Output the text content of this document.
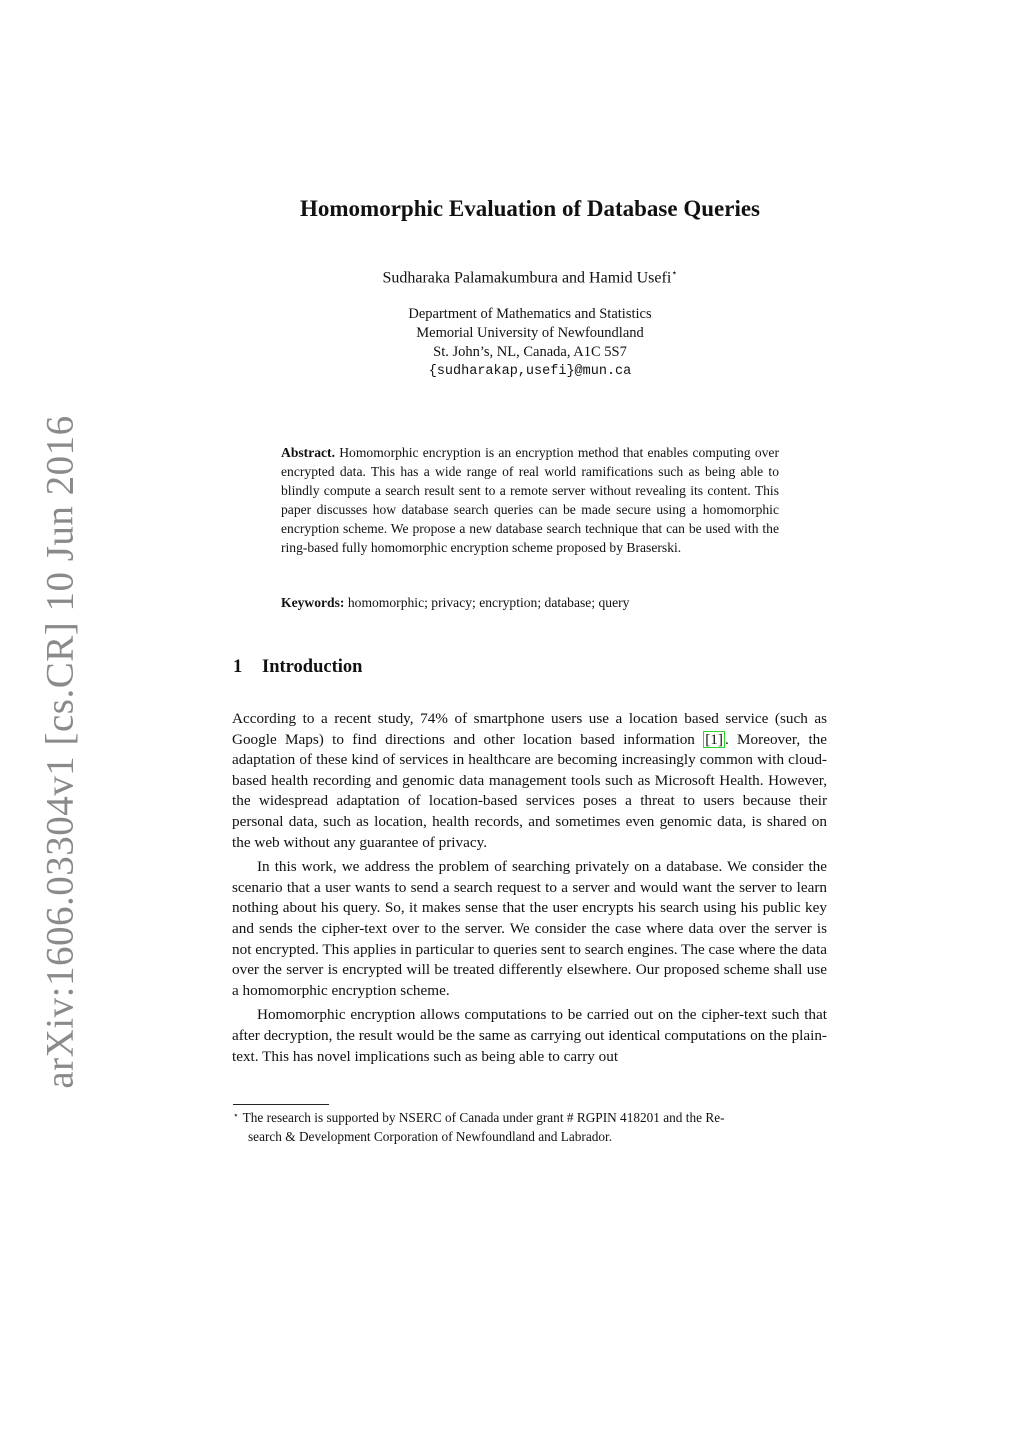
arXiv:1606.03304v1 [cs.CR] 10 Jun 2016
Homomorphic Evaluation of Database Queries
Sudharaka Palamakumbura and Hamid Usefi⋆
Department of Mathematics and Statistics
Memorial University of Newfoundland
St. John’s, NL, Canada, A1C 5S7
{sudharakap,usefi}@mun.ca
Abstract. Homomorphic encryption is an encryption method that enables computing over encrypted data. This has a wide range of real world ramifications such as being able to blindly compute a search result sent to a remote server without revealing its content. This paper discusses how database search queries can be made secure using a homomorphic encryption scheme. We propose a new database search technique that can be used with the ring-based fully homomorphic encryption scheme proposed by Braserski.
Keywords: homomorphic; privacy; encryption; database; query
1 Introduction

According to a recent study, 74% of smartphone users use a location based service (such as Google Maps) to find directions and other location based information [1] . Moreover, the adaptation of these kind of services in healthcare are becoming increasingly common with cloud-based health recording and genomic data management tools such as Microsoft Health. However, the widespread adaptation of location-based services poses a threat to users because their personal data, such as location, health records, and sometimes even genomic data, is shared on the web without any guarantee of privacy.

In this work, we address the problem of searching privately on a database. We consider the scenario that a user wants to send a search request to a server and would want the server to learn nothing about his query. So, it makes sense that the user encrypts his search using his public key and sends the cipher-text over to the server. We consider the case where data over the server is not encrypted. This applies in particular to queries sent to search engines. The case where the data over the server is encrypted will be treated differently elsewhere. Our proposed scheme shall use a homomorphic encryption scheme.

Homomorphic encryption allows computations to be carried out on the cipher-text such that after decryption, the result would be the same as carrying out identical computations on the plain-text. This has novel implications such as being able to carry out

⋆ The research is supported by NSERC of Canada under grant # RGPIN 418201 and the Re-
search & Development Corporation of Newfoundland and Labrador.
